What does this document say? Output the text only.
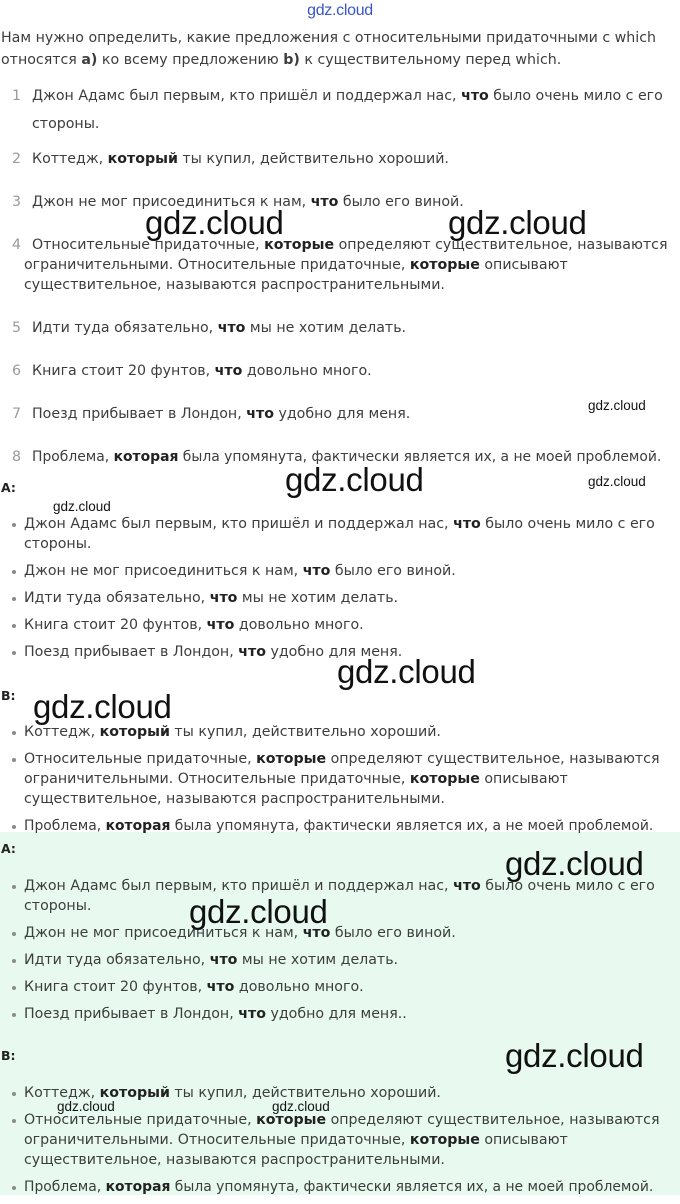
gdz.cloud
Нам нужно определить, какие предложения с относительными придаточными с which
относятся a) ко всему предложению b) к существительному перед which.
1 Джон Адамс был первым, кто пришёл и поддержал нас, что было очень мило с его стороны.
2 Коттедж, который ты купил, действительно хороший.
3 Джон не мог присоединиться к нам, что было его виной.
4 Относительные придаточные, которые определяют существительное, называются ограничительными. Относительные придаточные, которые описывают существительное, называются распространительными.
5 Идти туда обязательно, что мы не хотим делать.
6 Книга стоит 20 фунтов, что довольно много.
7 Поезд прибывает в Лондон, что удобно для меня.
8 Проблема, которая была упомянута, фактически является их, а не моей проблемой.
A:
Джон Адамс был первым, кто пришёл и поддержал нас, что было очень мило с его стороны.
Джон не мог присоединиться к нам, что было его виной.
Идти туда обязательно, что мы не хотим делать.
Книга стоит 20 фунтов, что довольно много.
Поезд прибывает в Лондон, что удобно для меня.
B:
Коттедж, который ты купил, действительно хороший.
Относительные придаточные, которые определяют существительное, называются ограничительными. Относительные придаточные, которые описывают существительное, называются распространительными.
Проблема, которая была упомянута, фактически является их, а не моей проблемой.
A:
Джон Адамс был первым, кто пришёл и поддержал нас, что было очень мило с его стороны.
Джон не мог присоединиться к нам, что было его виной.
Идти туда обязательно, что мы не хотим делать.
Книга стоит 20 фунтов, что довольно много.
Поезд прибывает в Лондон, что удобно для меня..
B:
Коттедж, который ты купил, действительно хороший.
Относительные придаточные, которые определяют существительное, называются ограничительными. Относительные придаточные, которые описывают существительное, называются распространительными.
Проблема, которая была упомянута, фактически является их, а не моей проблемой.
gdz.cloud	gdz.cloud
gdz.cloud
gdz.cloud	gdz.cloud
gdz.cloud
gdz.cloud
gdz.cloud
gdz.cloud
gdz.cloud
gdz.cloud
gdz.cloud	gdz.cloud
